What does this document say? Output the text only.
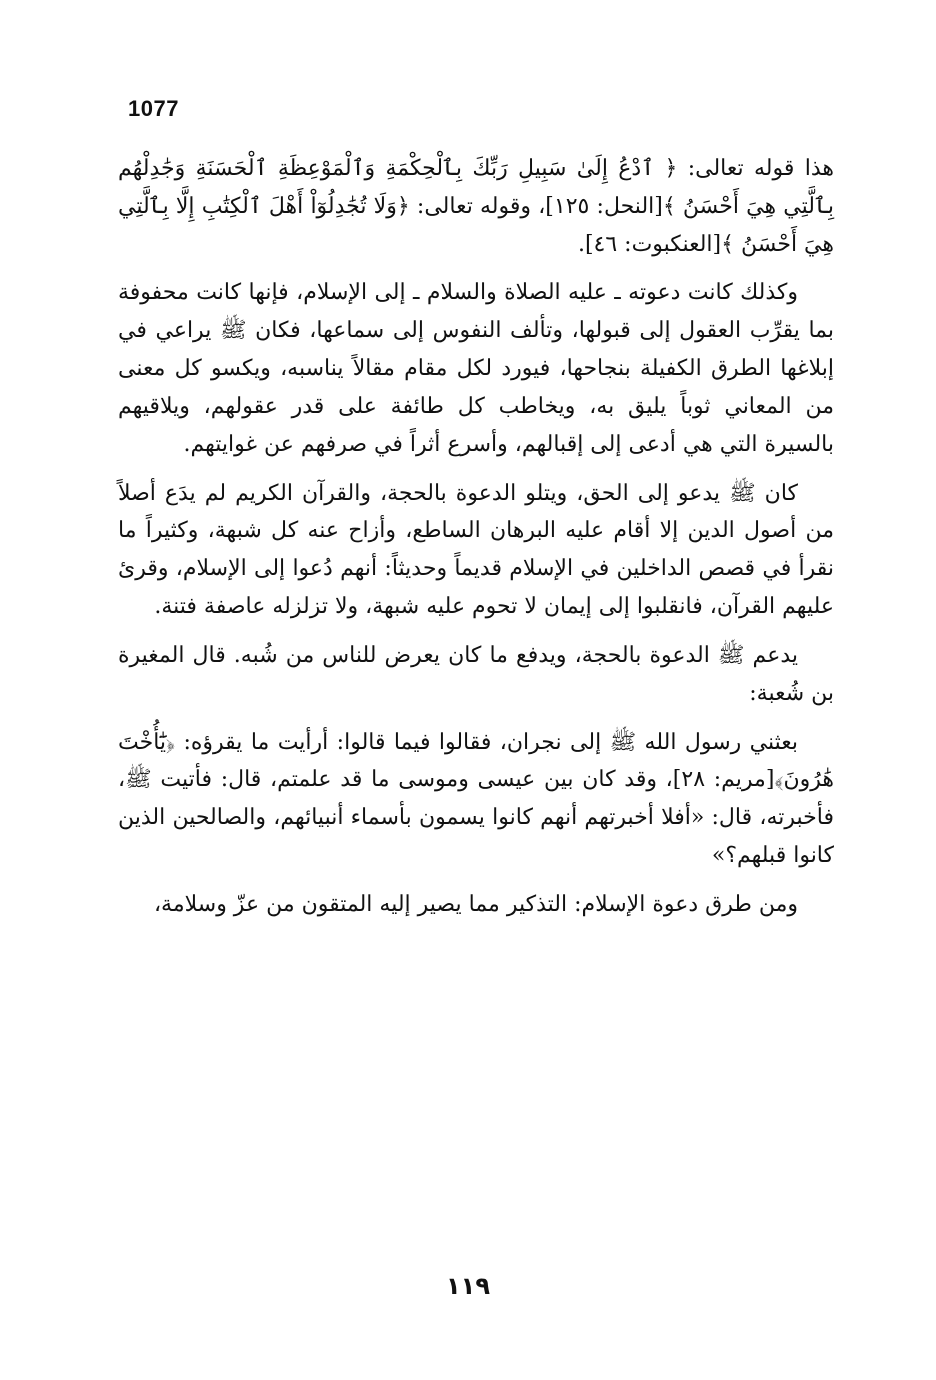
1077

هذا قوله تعالى: ﴿ ٱدْعُ إِلَىٰ سَبِيلِ رَبِّكَ بِٱلْحِكْمَةِ وَٱلْمَوْعِظَةِ ٱلْحَسَنَةِ وَجَٰدِلْهُم بِٱلَّتِي هِيَ أَحْسَنُ ﴾[النحل: ١٢٥]، وقوله تعالى: ﴿وَلَا تُجَٰدِلُوٓاْ أَهْلَ ٱلْكِتَٰبِ إِلَّا بِٱلَّتِي هِيَ أَحْسَنُ ﴾[العنكبوت: ٤٦].

وكذلك كانت دعوته ـ عليه الصلاة والسلام ـ إلى الإسلام، فإنها كانت محفوفة بما يقرِّب العقول إلى قبولها، وتألف النفوس إلى سماعها، فكان ﷺ يراعي في إبلاغها الطرق الكفيلة بنجاحها، فيورد لكل مقام مقالاً يناسبه، ويكسو كل معنى من المعاني ثوباً يليق به، ويخاطب كل طائفة على قدر عقولهم، ويلاقيهم بالسيرة التي هي أدعى إلى إقبالهم، وأسرع أثراً في صرفهم عن غوايتهم.

كان ﷺ يدعو إلى الحق، ويتلو الدعوة بالحجة، والقرآن الكريم لم يدَع أصلاً من أصول الدين إلا أقام عليه البرهان الساطع، وأزاح عنه كل شبهة، وكثيراً ما نقرأ في قصص الداخلين في الإسلام قديماً وحديثاً: أنهم دُعوا إلى الإسلام، وقرئ عليهم القرآن، فانقلبوا إلى إيمان لا تحوم عليه شبهة، ولا تزلزله عاصفة فتنة.

يدعم ﷺ الدعوة بالحجة، ويدفع ما كان يعرض للناس من شُبه. قال المغيرة بن شُعبة:

بعثني رسول الله ﷺ إلى نجران، فقالوا فيما قالوا: أرأيت ما يقرؤه: ﴿يَٰٓأُخْتَ هَٰرُونَ﴾[مريم: ٢٨]، وقد كان بين عيسى وموسى ما قد علمتم، قال: فأتيت ﷺ، فأخبرته، قال: «أفلا أخبرتهم أنهم كانوا يسمون بأسماء أنبيائهم، والصالحين الذين كانوا قبلهم؟»

ومن طرق دعوة الإسلام: التذكير مما يصير إليه المتقون من عزّ وسلامة،

١١٩
